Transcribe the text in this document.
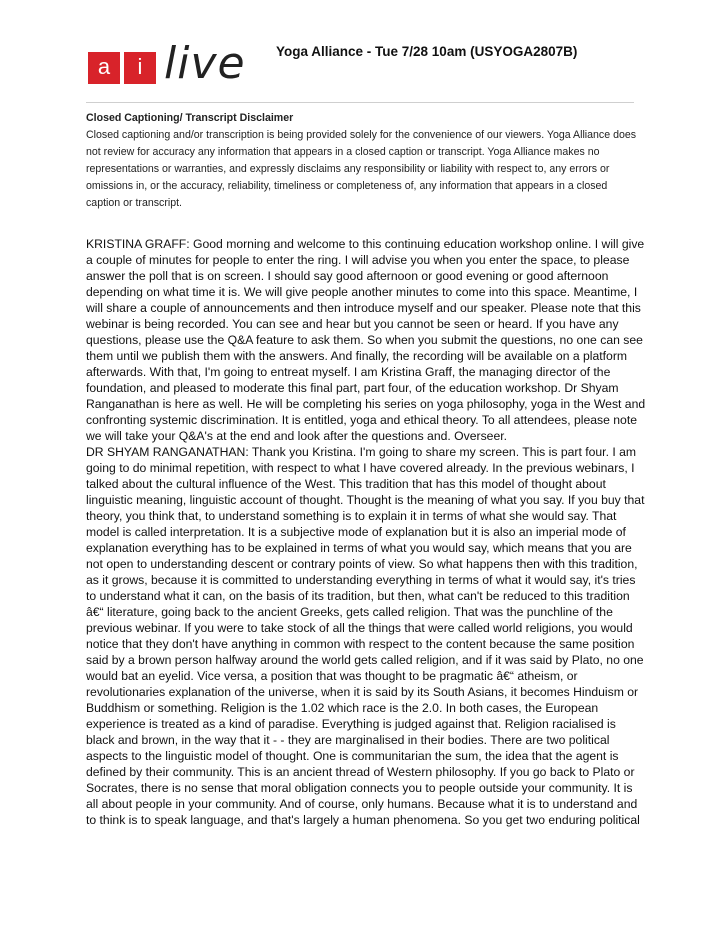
a	i live Yoga Alliance - Tue 7/28 10am (USYOGA2807B)
Closed Captioning/ Transcript Disclaimer
Closed captioning and/or transcription is being provided solely for the convenience of our viewers. Yoga Alliance does not review for accuracy any information that appears in a closed caption or transcript. Yoga Alliance makes no representations or warranties, and expressly disclaims any responsibility or liability with respect to, any errors or omissions in, or the accuracy, reliability, timeliness or completeness of, any information that appears in a closed caption or transcript.

KRISTINA GRAFF: Good morning and welcome to this continuing education workshop online. I will give a couple of minutes for people to enter the ring. I will advise you when you enter the space, to please answer the poll that is on screen. I should say good afternoon or good evening or good afternoon depending on what time it is. We will give people another minutes to come into this space. Meantime, I will share a couple of announcements and then introduce myself and our speaker. Please note that this webinar is being recorded. You can see and hear but you cannot be seen or heard. If you have any questions, please use the Q&A feature to ask them. So when you submit the questions, no one can see them until we publish them with the answers. And finally, the recording will be available on a platform afterwards. With that, I'm going to entreat myself. I am Kristina Graff, the managing director of the foundation, and pleased to moderate this final part, part four, of the education workshop. Dr Shyam Ranganathan is here as well. He will be completing his series on yoga philosophy, yoga in the West and confronting systemic discrimination. It is entitled, yoga and ethical theory. To all attendees, please note we will take your Q&A's at the end and look after the questions and. Overseer.

DR SHYAM RANGANATHAN: Thank you Kristina. I'm going to share my screen. This is part four. I am going to do minimal repetition, with respect to what I have covered already. In the previous webinars, I talked about the cultural influence of the West. This tradition that has this model of thought about linguistic meaning, linguistic account of thought. Thought is the meaning of what you say. If you buy that theory, you think that, to understand something is to explain it in terms of what she would say. That model is called interpretation. It is a subjective mode of explanation but it is also an imperial mode of explanation everything has to be explained in terms of what you would say, which means that you are not open to understanding descent or contrary points of view. So what happens then with this tradition, as it grows, because it is committed to understanding everything in terms of what it would say, it's tries to understand what it can, on the basis of its tradition, but then, what can't be reduced to this tradition â€“ literature, going back to the ancient Greeks, gets called religion. That was the punchline of the previous webinar. If you were to take stock of all the things that were called world religions, you would notice that they don't have anything in common with respect to the content because the same position said by a brown person halfway around the world gets called religion, and if it was said by Plato, no one would bat an eyelid. Vice versa, a position that was thought to be pragmatic â€“ atheism, or revolutionaries explanation of the universe, when it is said by its South Asians, it becomes Hinduism or Buddhism or something. Religion is the 1.02 which race is the 2.0. In both cases, the European experience is treated as a kind of paradise. Everything is judged against that. Religion racialised is black and brown, in the way that it - - they are marginalised in their bodies. There are two political aspects to the linguistic model of thought. One is communitarian the sum, the idea that the agent is defined by their community. This is an ancient thread of Western philosophy. If you go back to Plato or Socrates, there is no sense that moral obligation connects you to people outside your community. It is all about people in your community. And of course, only humans. Because what it is to understand and to think is to speak language, and that's largely a human phenomena. So you get two enduring political
